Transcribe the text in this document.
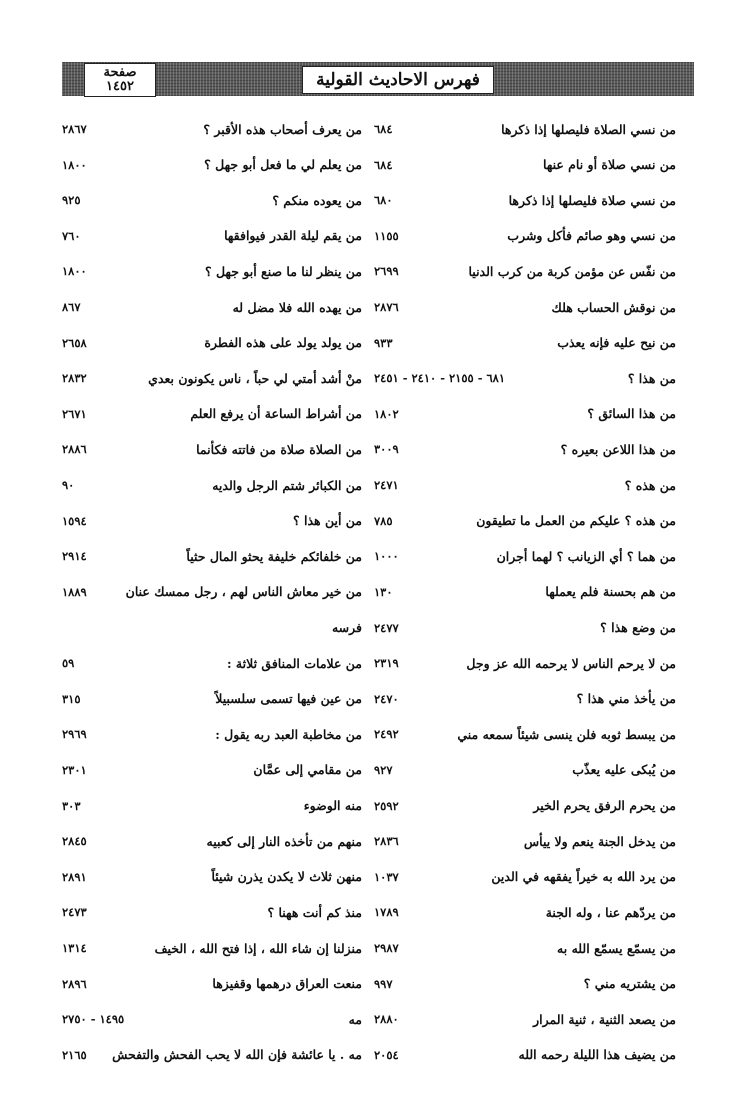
فهرس الاحاديث القولية
صفحة
١٤٥٢
من نسي الصلاة فليصلها إذا ذكرها
٦٨٤
من نسي صلاة أو نام عنها
٦٨٤
من نسي صلاة فليصلها إذا ذكرها
٦٨٠
من نسي وهو صائم فأكل وشرب
١١٥٥
من نفّس عن مؤمن كربة من كرب الدنيا
٢٦٩٩
من نوقش الحساب هلك
٢٨٧٦
من نيح عليه فإنه يعذب
٩٣٣
من هذا ؟
٦٨١ - ٢١٥٥ - ٢٤١٠ - ٢٤٥١
من هذا السائق ؟
١٨٠٢
من هذا اللاعن بعيره ؟
٣٠٠٩
من هذه ؟
٢٤٧١
من هذه ؟ عليكم من العمل ما تطيقون
٧٨٥
من هما ؟ أي الزيانب ؟ لهما أجران
١٠٠٠
من هم بحسنة فلم يعملها
١٣٠
من وضع هذا ؟
٢٤٧٧
من لا يرحم الناس لا يرحمه الله عز وجل
٢٣١٩
من يأخذ مني هذا ؟
٢٤٧٠
من يبسط ثوبه فلن ينسى شيئاً سمعه مني
٢٤٩٢
من يُبكى عليه يعذّب
٩٢٧
من يحرم الرفق يحرم الخير
٢٥٩٢
من يدخل الجنة ينعم ولا ييأس
٢٨٣٦
من يرد الله به خيراً يفقهه في الدين
١٠٣٧
من يردّهم عنا ، وله الجنة
١٧٨٩
من يسمّع يسمّع الله به
٢٩٨٧
من يشتريه مني ؟
٩٩٧
من يصعد الثنية ، ثنية المرار
٢٨٨٠
من يضيف هذا الليلة رحمه الله
٢٠٥٤
من يعرف أصحاب هذه الأقبر ؟
٢٨٦٧
من يعلم لي ما فعل أبو جهل ؟
١٨٠٠
من يعوده منكم ؟
٩٢٥
من يقم ليلة القدر فيوافقها
٧٦٠
من ينظر لنا ما صنع أبو جهل ؟
١٨٠٠
من يهده الله فلا مضل له
٨٦٧
من يولد يولد على هذه الفطرة
٢٦٥٨
منْ أشد أمتي لي حباً ، ناس يكونون بعدي
٢٨٣٢
من أشراط الساعة أن يرفع العلم
٢٦٧١
من الصلاة صلاة من فاتته فكأنما
٢٨٨٦
من الكبائر شتم الرجل والديه
٩٠
من أين هذا ؟
١٥٩٤
من خلفائكم خليفة يحثو المال حثياً
٢٩١٤
من خير معاش الناس لهم ، رجل ممسك عنان
١٨٨٩
فرسه
من علامات المنافق ثلاثة :
٥٩
من عين فيها تسمى سلسبيلاً
٣١٥
من مخاطبة العبد ربه يقول :
٢٩٦٩
من مقامي إلى عمَّان
٢٣٠١
منه الوضوء
٣٠٣
منهم من تأخذه النار إلى كعبيه
٢٨٤٥
منهن ثلاث لا يكدن يذرن شيئاً
٢٨٩١
منذ كم أنت ههنا ؟
٢٤٧٣
منزلنا إن شاء الله ، إذا فتح الله ، الخيف
١٣١٤
منعت العراق درهمها وقفيزها
٢٨٩٦
مه
١٤٩٥ - ٢٧٥٠
مه . يا عائشة فإن الله لا يحب الفحش والتفحش
٢١٦٥
